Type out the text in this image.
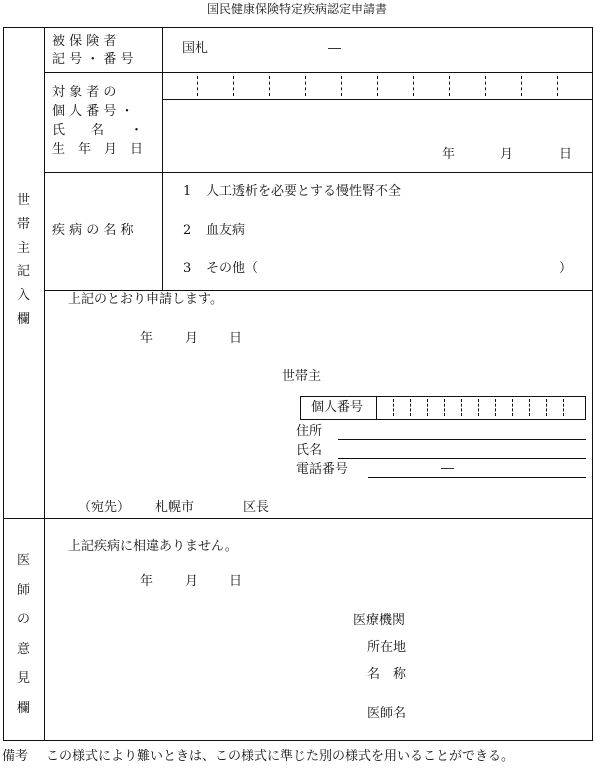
国民健康保険特定疾病認定申請書
世
帯
主
記
入
欄
医
師
の
意
見
欄
被 保 険 者
記 号 ・ 番 号
国札	―
対 象 者 の
個 人 番 号 ・
氏　　名　　・
生　年　月　日	年	月	日
疾 病 の 名 称
1 人工透析を必要とする慢性腎不全
2 血友病
3 その他（	）
上記のとおり申請します。
年 月 日
世帯主
個人番号
住所
氏名
電話番号	―
（宛先） 札幌市	区長
上記疾病に相違ありません。
年 月 日
医療機関
所在地
名　称
医師名
備考 この様式により難いときは、この様式に準じた別の様式を用いることができる。
